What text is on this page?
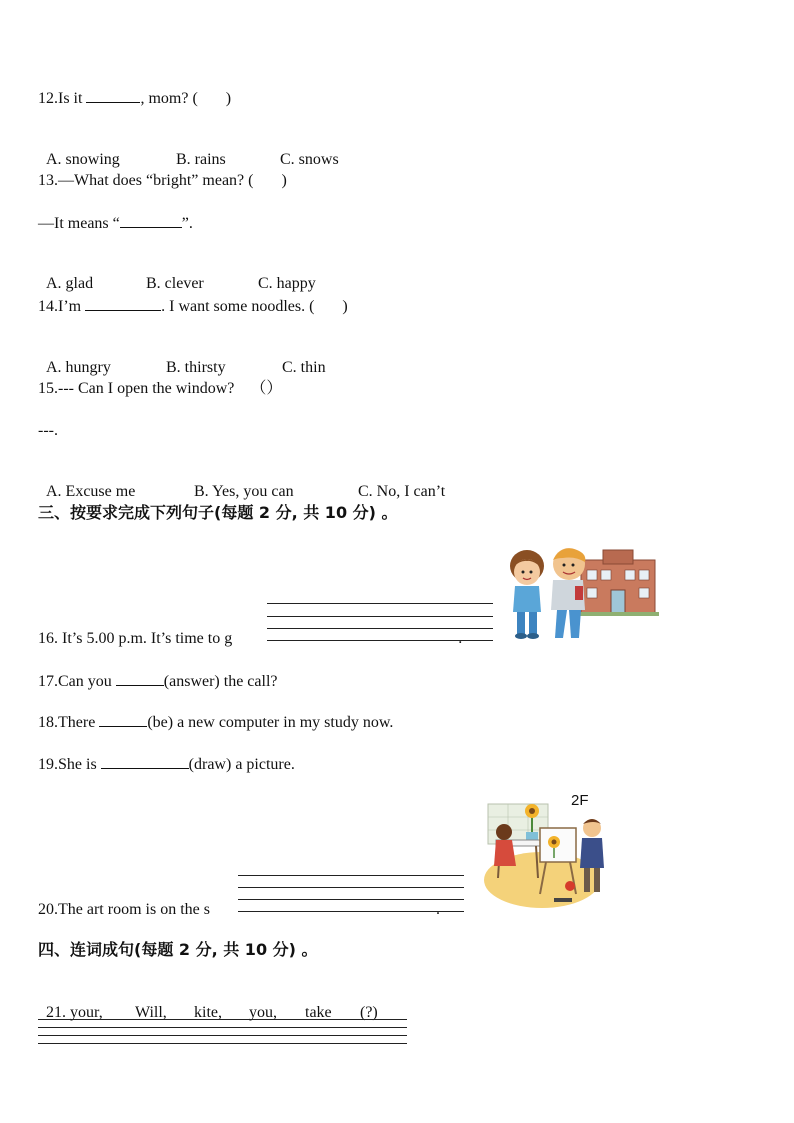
12.Is it	, mom? (       )

A. snowing	B. rains	C. snows

13.—What does “bright” mean? (       )
—It means “	”.

A. glad	B. clever	C. happy

14.I’m	. I want some noodles. (       )

A. hungry	B. thirsty	C. thin

15.--- Can I open the window?    （）
---.

A. Excuse me	B. Yes, you can	C. No, I can’t

三、按要求完成下列句子(每题 2 分, 共 10 分) 。
16. It’s 5.00 p.m. It’s time to g	.
17.Can you	(answer) the call?
18.There	(be) a new computer in my study now.
19.She is	(draw) a picture.
2F
20.The art room is on the s	.
四、连词成句(每题 2 分, 共 10 分) 。

21. your, Will, kite, you, take (?)
